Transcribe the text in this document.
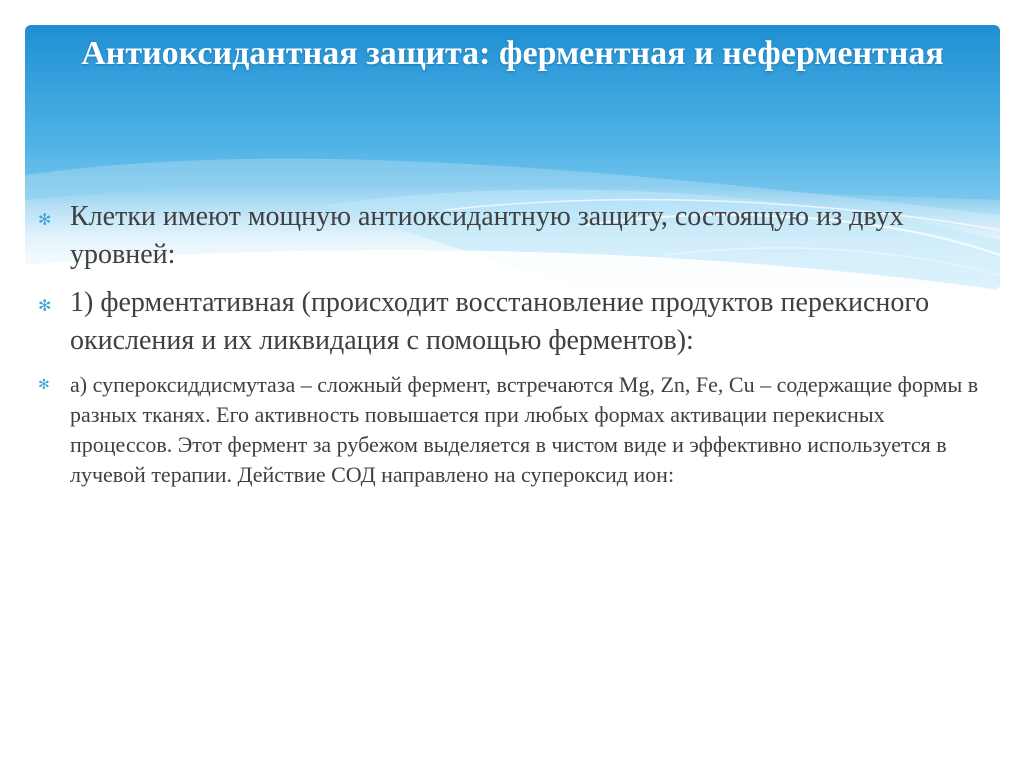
Антиоксидантная защита: ферментная и неферментная
✻ Клетки имеют мощную антиоксидантную защиту, состоящую из двух уровней:
✻ 1) ферментативная (происходит восстановление продуктов перекисного окисления и их ликвидация с помощью ферментов):
✻ а) супероксиддисмутаза – сложный фермент, встречаются Mg, Zn, Fe, Cu – содержащие формы в разных тканях. Его активность повышается при любых формах активации перекисных процессов. Этот фермент за рубежом выделяется в чистом виде и эффективно используется в лучевой терапии. Действие СОД направлено на супероксид ион:
